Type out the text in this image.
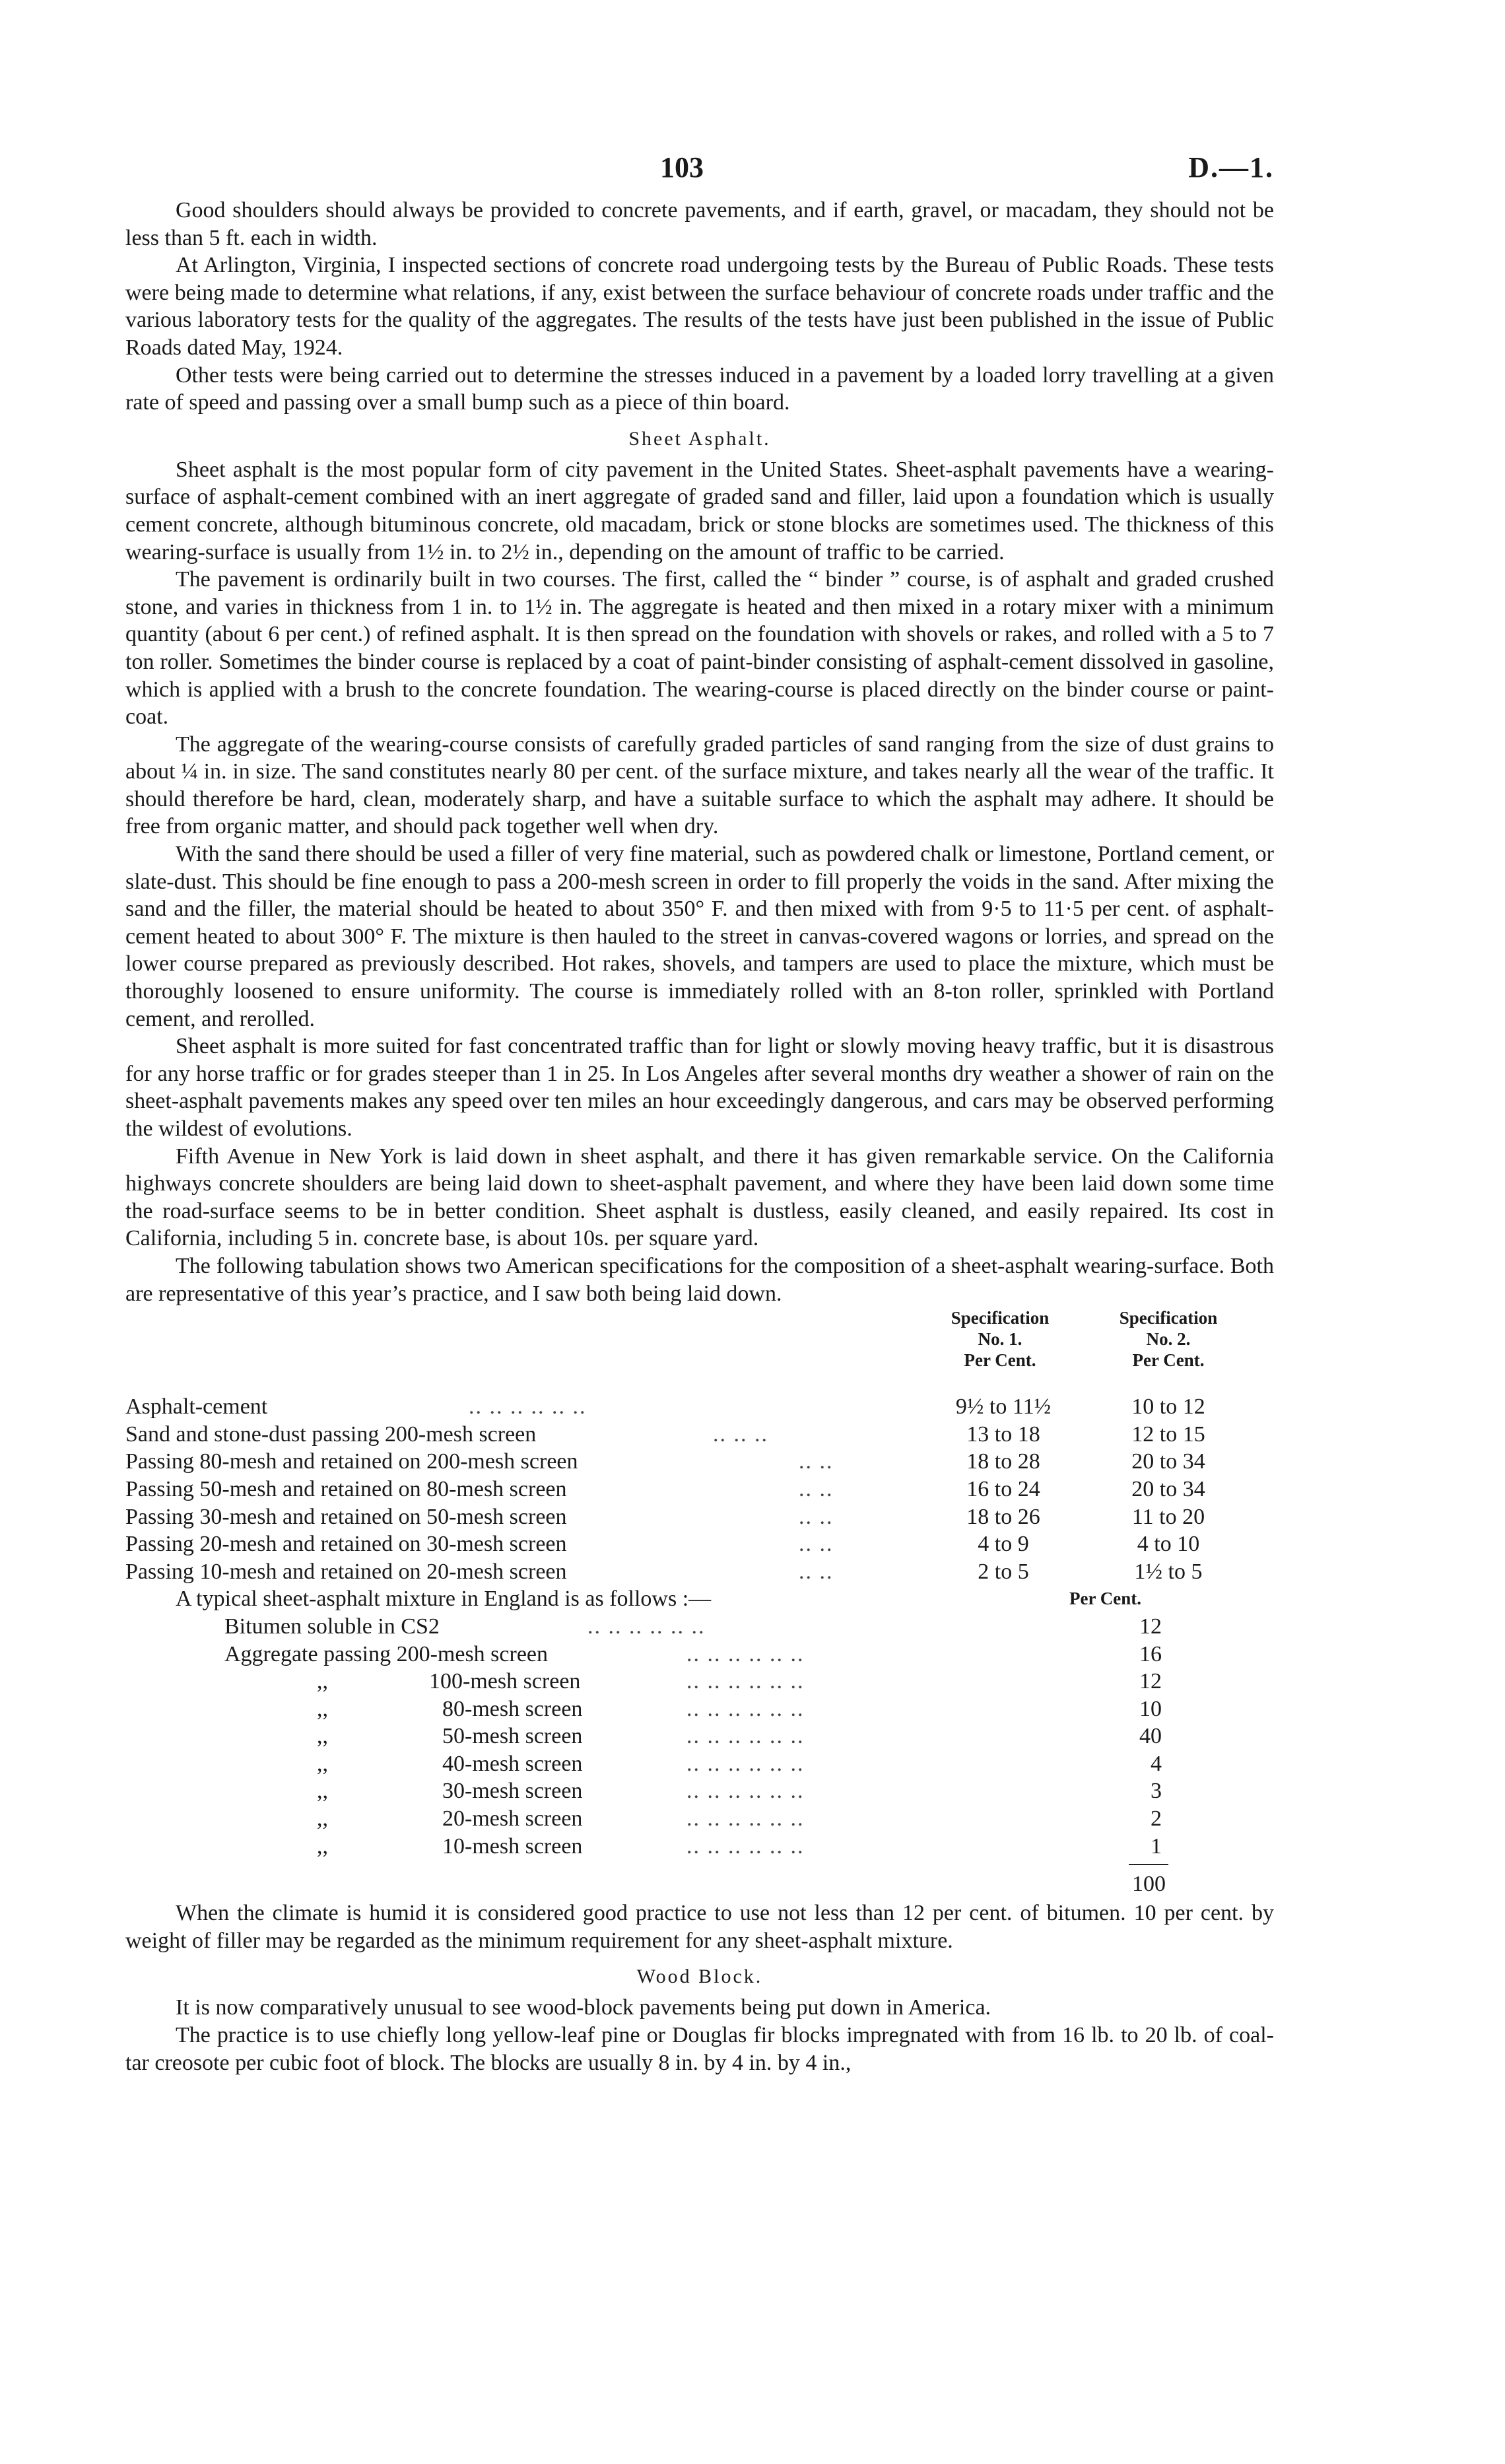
103	D.—1.

Good shoulders should always be provided to concrete pavements, and if earth, gravel, or macadam, they should not be less than 5 ft. each in width.

At Arlington, Virginia, I inspected sections of concrete road undergoing tests by the Bureau of Public Roads. These tests were being made to determine what relations, if any, exist between the surface behaviour of concrete roads under traffic and the various laboratory tests for the quality of the aggregates. The results of the tests have just been published in the issue of Public Roads dated May, 1924.

Other tests were being carried out to determine the stresses induced in a pavement by a loaded lorry travelling at a given rate of speed and passing over a small bump such as a piece of thin board.

Sheet Asphalt.

Sheet asphalt is the most popular form of city pavement in the United States. Sheet-asphalt pavements have a wearing-surface of asphalt-cement combined with an inert aggregate of graded sand and filler, laid upon a foundation which is usually cement concrete, although bituminous concrete, old macadam, brick or stone blocks are sometimes used. The thickness of this wearing-surface is usually from 1½ in. to 2½ in., depending on the amount of traffic to be carried.

The pavement is ordinarily built in two courses. The first, called the “ binder ” course, is of asphalt and graded crushed stone, and varies in thickness from 1 in. to 1½ in. The aggregate is heated and then mixed in a rotary mixer with a minimum quantity (about 6 per cent.) of refined asphalt. It is then spread on the foundation with shovels or rakes, and rolled with a 5 to 7 ton roller. Sometimes the binder course is replaced by a coat of paint-binder consisting of asphalt-cement dissolved in gasoline, which is applied with a brush to the concrete foundation. The wearing-course is placed directly on the binder course or paint-coat.

The aggregate of the wearing-course consists of carefully graded particles of sand ranging from the size of dust grains to about ¼ in. in size. The sand constitutes nearly 80 per cent. of the surface mixture, and takes nearly all the wear of the traffic. It should therefore be hard, clean, moderately sharp, and have a suitable surface to which the asphalt may adhere. It should be free from organic matter, and should pack together well when dry.

With the sand there should be used a filler of very fine material, such as powdered chalk or limestone, Portland cement, or slate-dust. This should be fine enough to pass a 200-mesh screen in order to fill properly the voids in the sand. After mixing the sand and the filler, the material should be heated to about 350° F. and then mixed with from 9·5 to 11·5 per cent. of asphalt-cement heated to about 300° F. The mixture is then hauled to the street in canvas-covered wagons or lorries, and spread on the lower course prepared as previously described. Hot rakes, shovels, and tampers are used to place the mixture, which must be thoroughly loosened to ensure uniformity. The course is immediately rolled with an 8-ton roller, sprinkled with Portland cement, and rerolled.

Sheet asphalt is more suited for fast concentrated traffic than for light or slowly moving heavy traffic, but it is disastrous for any horse traffic or for grades steeper than 1 in 25. In Los Angeles after several months dry weather a shower of rain on the sheet-asphalt pavements makes any speed over ten miles an hour exceedingly dangerous, and cars may be observed performing the wildest of evolutions.

Fifth Avenue in New York is laid down in sheet asphalt, and there it has given remarkable service. On the California highways concrete shoulders are being laid down to sheet-asphalt pavement, and where they have been laid down some time the road-surface seems to be in better condition. Sheet asphalt is dustless, easily cleaned, and easily repaired. Its cost in California, including 5 in. concrete base, is about 10s. per square yard.

The following tabulation shows two American specifications for the composition of a sheet-asphalt wearing-surface. Both are representative of this year’s practice, and I saw both being laid down.

Specification
No. 1.
Per Cent.
Specification
No. 2.
Per Cent.
Asphalt-cement	.. .. .. .. .. ..	9½ to 11½	10 to 12
Sand and stone-dust passing 200-mesh screen	.. .. ..	13 to 18	12 to 15
Passing 80-mesh and retained on 200-mesh screen	.. ..	18 to 28	20 to 34
Passing 50-mesh and retained on 80-mesh screen	.. ..	16 to 24	20 to 34
Passing 30-mesh and retained on 50-mesh screen	.. ..	18 to 26	11 to 20
Passing 20-mesh and retained on 30-mesh screen	.. ..	4 to 9	4 to 10
Passing 10-mesh and retained on 20-mesh screen	.. ..	2 to 5	1½ to 5
A typical sheet-asphalt mixture in England is as follows :—	Per Cent.
Bitumen soluble in CS2	.. .. .. .. .. ..	12
Aggregate passing 200-mesh screen	.. .. .. .. .. ..	16
,,	100-mesh screen	.. .. .. .. .. ..	12
,,	80-mesh screen	.. .. .. .. .. ..	10
,,	50-mesh screen	.. .. .. .. .. ..	40
,,	40-mesh screen	.. .. .. .. .. ..	4
,,	30-mesh screen	.. .. .. .. .. ..	3
,,	20-mesh screen	.. .. .. .. .. ..	2
,,	10-mesh screen	.. .. .. .. .. ..	1
100

When the climate is humid it is considered good practice to use not less than 12 per cent. of bitumen. 10 per cent. by weight of filler may be regarded as the minimum requirement for any sheet-asphalt mixture.

Wood Block.

It is now comparatively unusual to see wood-block pavements being put down in America.

The practice is to use chiefly long yellow-leaf pine or Douglas fir blocks impregnated with from 16 lb. to 20 lb. of coal-tar creosote per cubic foot of block. The blocks are usually 8 in. by 4 in. by 4 in.,
